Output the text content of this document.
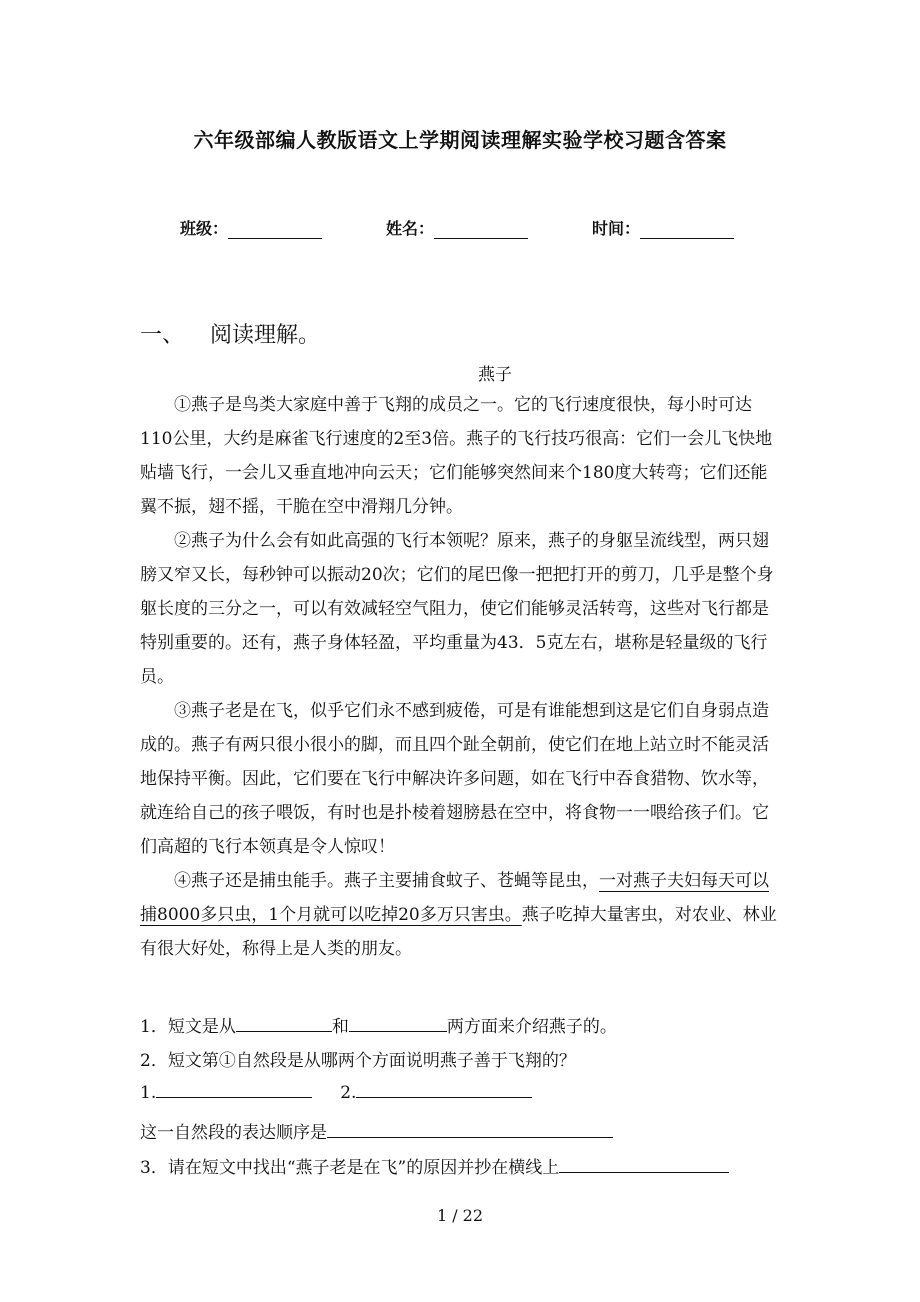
六年级部编人教版语文上学期阅读理解实验学校习题含答案
班级：	姓名：	时间：
一、 阅读理解。
燕子

①燕子是鸟类大家庭中善于飞翔的成员之一。它的飞行速度很快，每小时可达110公里，大约是麻雀飞行速度的2至3倍。燕子的飞行技巧很高：它们一会儿飞快地贴墙飞行，一会儿又垂直地冲向云天；它们能够突然间来个180度大转弯；它们还能翼不振，翅不摇，干脆在空中滑翔几分钟。

②燕子为什么会有如此高强的飞行本领呢？原来，燕子的身躯呈流线型，两只翅膀又窄又长，每秒钟可以振动20次；它们的尾巴像一把把打开的剪刀，几乎是整个身躯长度的三分之一，可以有效减轻空气阻力，使它们能够灵活转弯，这些对飞行都是特别重要的。还有，燕子身体轻盈，平均重量为43．5克左右，堪称是轻量级的飞行员。

③燕子老是在飞，似乎它们永不感到疲倦，可是有谁能想到这是它们自身弱点造成的。燕子有两只很小很小的脚，而且四个趾全朝前，使它们在地上站立时不能灵活地保持平衡。因此，它们要在飞行中解决许多问题，如在飞行中吞食猎物、饮水等，就连给自己的孩子喂饭，有时也是扑棱着翅膀悬在空中，将食物一一喂给孩子们。它们高超的飞行本领真是令人惊叹！

④燕子还是捕虫能手。燕子主要捕食蚊子、苍蝇等昆虫，一对燕子夫妇每天可以捕8000多只虫，1个月就可以吃掉20多万只害虫。燕子吃掉大量害虫，对农业、林业有很大好处，称得上是人类的朋友。

1．短文是从	和	两方面来介绍燕子的。
2．短文第①自然段是从哪两个方面说明燕子善于飞翔的？
1.	2.
这一自然段的表达顺序是
3．请在短文中找出“燕子老是在飞”的原因并抄在横线上
1 / 22
